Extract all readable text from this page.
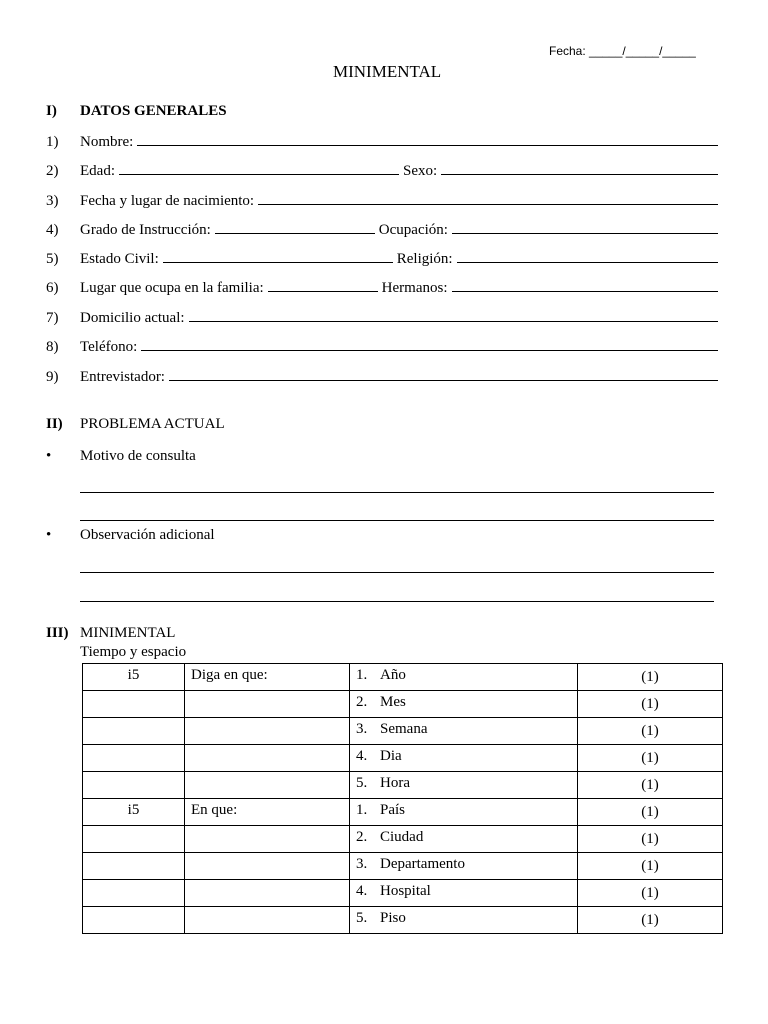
Fecha: _____/_____/_____
MINIMENTAL
I)	DATOS GENERALES
1)	Nombre:
2)	Edad:	Sexo:
3)	Fecha y lugar de nacimiento:
4)	Grado de Instrucción:	Ocupación:
5)	Estado Civil:	Religión:
6)	Lugar que ocupa en la familia:	Hermanos:
7)	Domicilio actual:
8)	Teléfono:
9)	Entrevistador:
II)	PROBLEMA ACTUAL
• Motivo de consulta
• Observación adicional
III) MINIMENTAL
Tiempo y espacio
i5	Diga en que:	1. Año	(1)

		2. Mes	(1)

		3. Semana	(1)

		4. Dia	(1)

		5. Hora	(1)
i5	En que:	1. País	(1)

		2. Ciudad	(1)

		3. Departamento	(1)

		4. Hospital	(1)

		5. Piso	(1)
